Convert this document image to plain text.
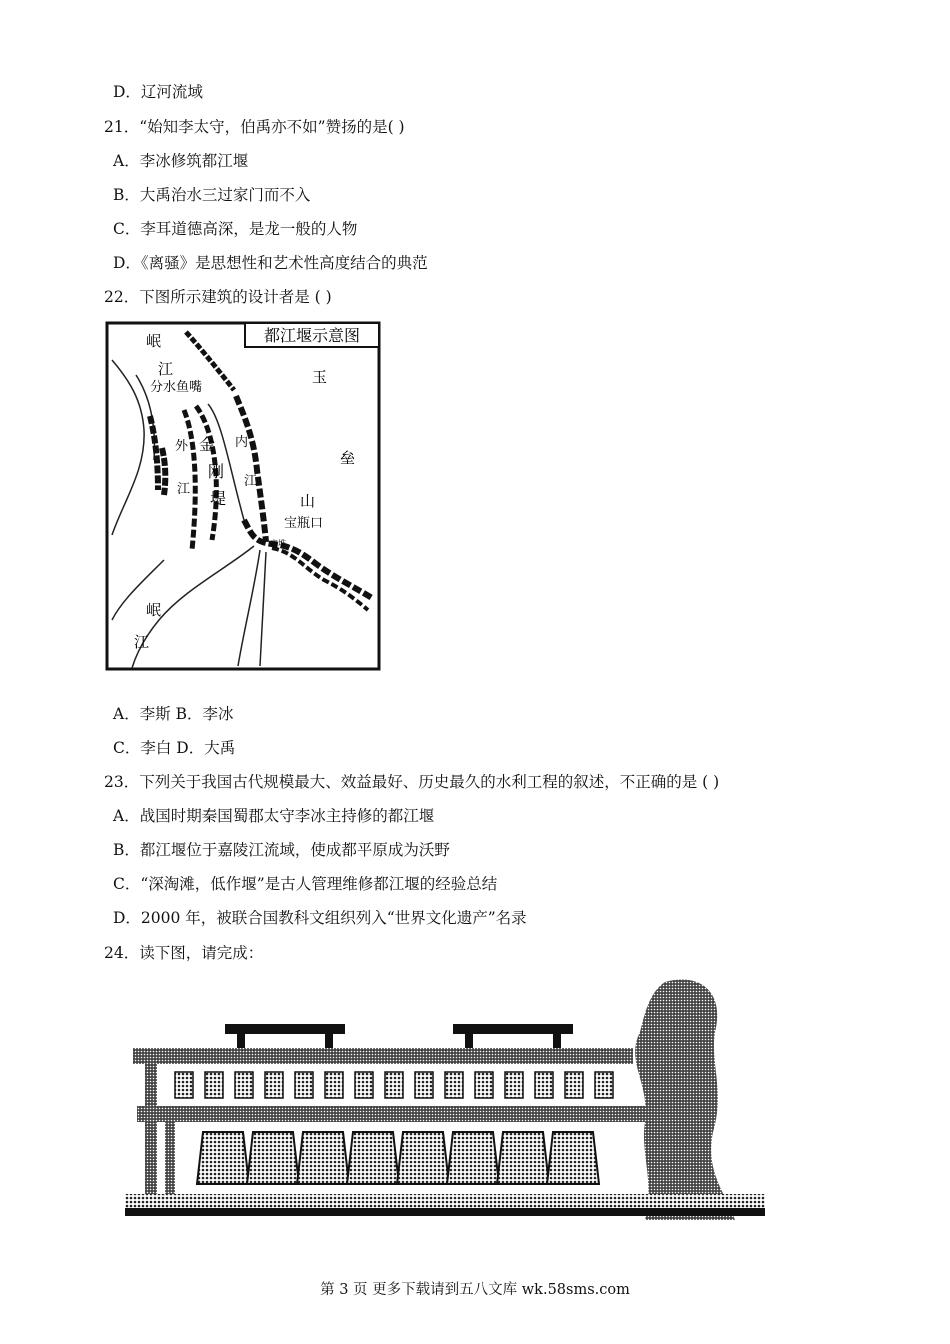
D．辽河流域
21．“始知李太守，伯禹亦不如”赞扬的是( )
A．李冰修筑都江堰
B．大禹治水三过家门而不入
C．李耳道德高深，是龙一般的人物
D．《离骚》是思想性和艺术性高度结合的典范
22．下图所示建筑的设计者是 ( )
都江堰示意图
岷
江
分水鱼嘴
玉
垒
山
外
江
金
刚
堤
内
江
宝瓶口
离堆
岷
江
A．李斯 B．李冰
C．李白 D．大禹
23．下列关于我国古代规模最大、效益最好、历史最久的水利工程的叙述，不正确的是 ( )
A．战国时期秦国蜀郡太守李冰主持修的都江堰
B．都江堰位于嘉陵江流域，使成都平原成为沃野
C．“深淘滩，低作堰”是古人管理维修都江堰的经验总结
D．2000 年，被联合国教科文组织列入“世界文化遗产”名录
24．读下图，请完成：
第 3 页 更多下载请到五八文库 wk.58sms.com
